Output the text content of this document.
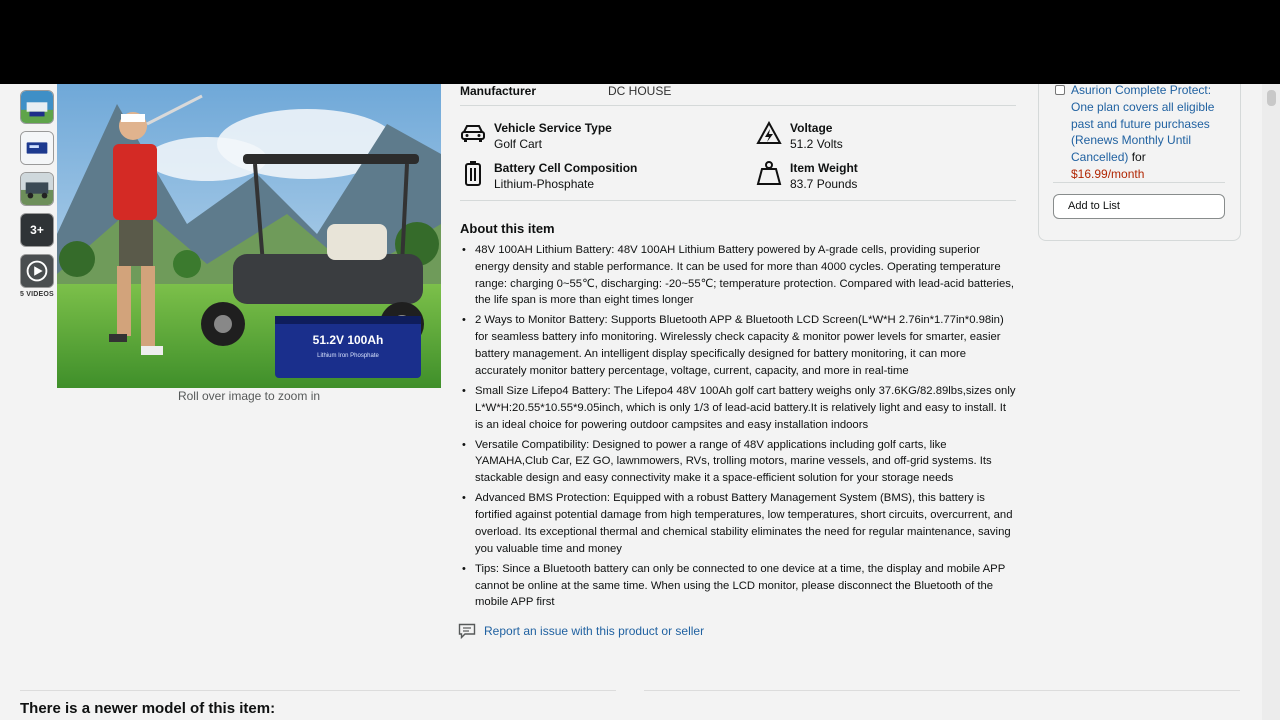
3+
5 VIDEOS
51.2V 100Ah
Lithium Iron Phosphate
Roll over image to zoom in
Manufacturer	DC HOUSE
Vehicle Service Type
Golf Cart
Voltage
51.2 Volts
Battery Cell Composition
Lithium-Phosphate
Item Weight
83.7 Pounds
About this item
• 48V 100AH Lithium Battery: 48V 100AH Lithium Battery powered by A-grade cells, providing superior energy density and stable performance. It can be used for more than 4000 cycles. Operating temperature range: charging 0~55℃, discharging: -20~55℃; temperature protection. Compared with lead-acid batteries, the life span is more than eight times longer
• 2 Ways to Monitor Battery: Supports Bluetooth APP & Bluetooth LCD Screen(L*W*H 2.76in*1.77in*0.98in) for seamless battery info monitoring. Wirelessly check capacity & monitor power levels for smarter, easier battery management. An intelligent display specifically designed for battery monitoring, it can more accurately monitor battery percentage, voltage, current, capacity, and more in real-time
• Small Size Lifepo4 Battery: The Lifepo4 48V 100Ah golf cart battery weighs only 37.6KG/82.89lbs,sizes only L*W*H:20.55*10.55*9.05inch, which is only 1/3 of lead-acid battery.It is relatively light and easy to install. It is an ideal choice for powering outdoor campsites and easy installation indoors
• Versatile Compatibility: Designed to power a range of 48V applications including golf carts, like YAMAHA,Club Car, EZ GO, lawnmowers, RVs, trolling motors, marine vessels, and off-grid systems. Its stackable design and easy connectivity make it a space-efficient solution for your storage needs
• Advanced BMS Protection: Equipped with a robust Battery Management System (BMS), this battery is fortified against potential damage from high temperatures, low temperatures, short circuits, overcurrent, and overload. Its exceptional thermal and chemical stability eliminates the need for regular maintenance, saving you valuable time and money
• Tips: Since a Bluetooth battery can only be connected to one device at a time, the display and mobile APP cannot be online at the same time. When using the LCD monitor, please disconnect the Bluetooth of the mobile APP first
Report an issue with this product or seller
Asurion Complete Protect: One plan covers all eligible past and future purchases (Renews Monthly Until Cancelled) for
$16.99/month
Add to List
There is a newer model of this item:
